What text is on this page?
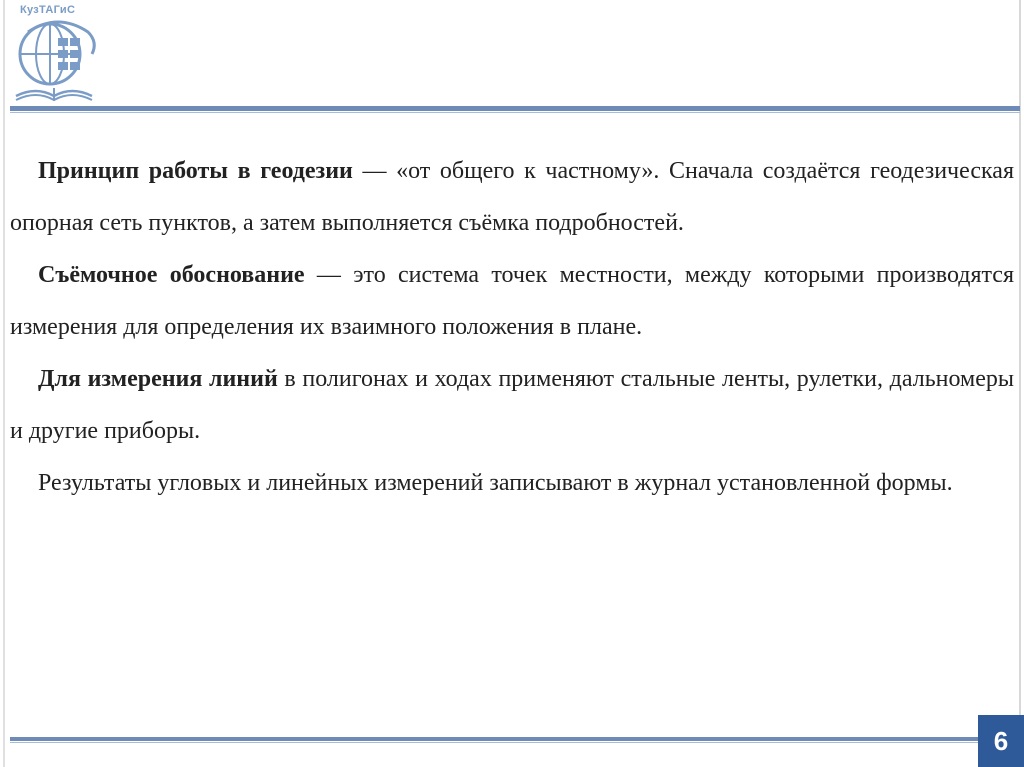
КузТАГиС

Принцип работы в геодезии — «от общего к частному». Сначала создаётся геодезическая опорная сеть пунктов, а затем выполняется съёмка подробностей.

Съёмочное обоснование — это система точек местности, между которыми производятся измерения для определения их взаимного положения в плане.

Для измерения линий в полигонах и ходах применяют стальные ленты, рулетки, дальномеры и другие приборы.

Результаты угловых и линейных измерений записывают в журнал установленной формы.

6
